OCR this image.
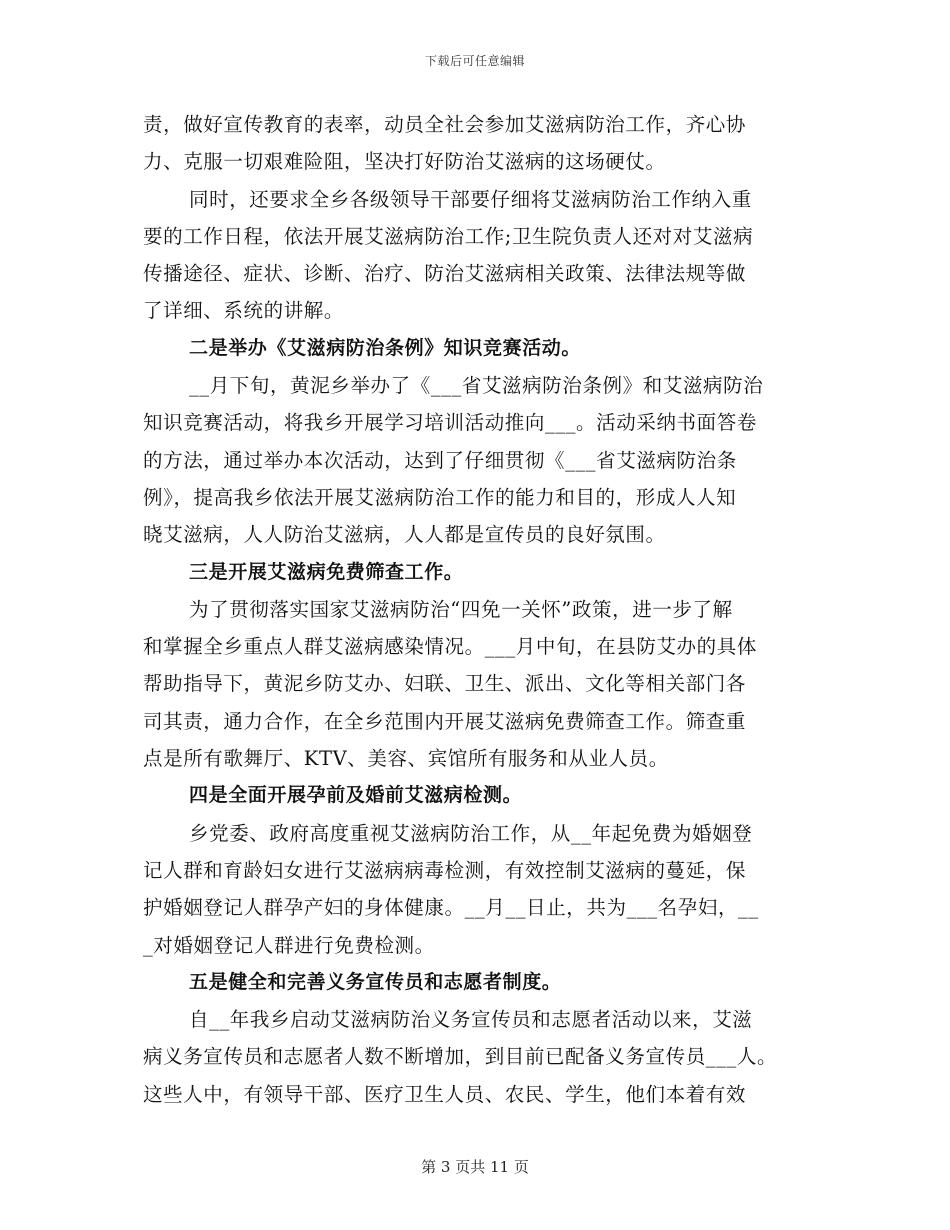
下载后可任意编辑
责，做好宣传教育的表率，动员全社会参加艾滋病防治工作，齐心协
力、克服一切艰难险阻，坚决打好防治艾滋病的这场硬仗。
同时，还要求全乡各级领导干部要仔细将艾滋病防治工作纳入重
要的工作日程，依法开展艾滋病防治工作;卫生院负责人还对对艾滋病
传播途径、症状、诊断、治疗、防治艾滋病相关政策、法律法规等做
了详细、系统的讲解。
二是举办《艾滋病防治条例》知识竞赛活动。
__月下旬，黄泥乡举办了《___省艾滋病防治条例》和艾滋病防治
知识竞赛活动，将我乡开展学习培训活动推向___。活动采纳书面答卷
的方法，通过举办本次活动，达到了仔细贯彻《___省艾滋病防治条
例》，提高我乡依法开展艾滋病防治工作的能力和目的，形成人人知
晓艾滋病，人人防治艾滋病，人人都是宣传员的良好氛围。
三是开展艾滋病免费筛查工作。
为了贯彻落实国家艾滋病防治“四免一关怀”政策，进一步了解
和掌握全乡重点人群艾滋病感染情况。___月中旬，在县防艾办的具体
帮助指导下，黄泥乡防艾办、妇联、卫生、派出、文化等相关部门各
司其责，通力合作，在全乡范围内开展艾滋病免费筛查工作。筛查重
点是所有歌舞厅、KTV、美容、宾馆所有服务和从业人员。
四是全面开展孕前及婚前艾滋病检测。
乡党委、政府高度重视艾滋病防治工作，从__年起免费为婚姻登
记人群和育龄妇女进行艾滋病病毒检测，有效控制艾滋病的蔓延，保
护婚姻登记人群孕产妇的身体健康。__月__日止，共为___名孕妇，__
_对婚姻登记人群进行免费检测。
五是健全和完善义务宣传员和志愿者制度。
自__年我乡启动艾滋病防治义务宣传员和志愿者活动以来，艾滋
病义务宣传员和志愿者人数不断增加，到目前已配备义务宣传员___人。
这些人中，有领导干部、医疗卫生人员、农民、学生，他们本着有效
第 3 页共 11 页
